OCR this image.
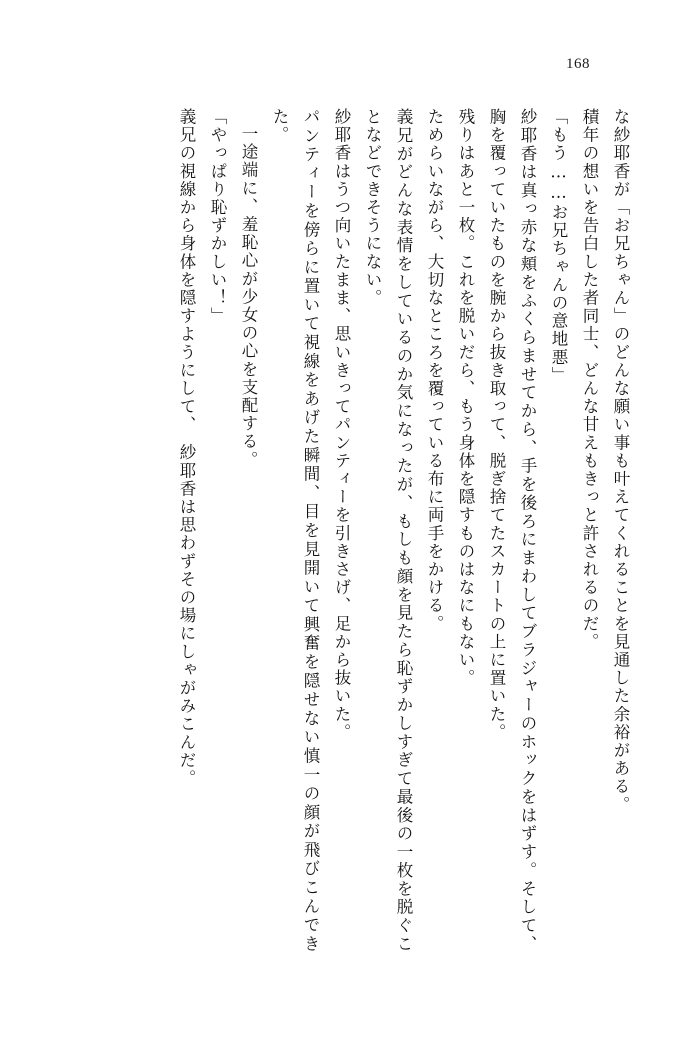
168

な紗耶香が「お兄ちゃん」のどんな願い事も叶えてくれることを見通した余裕がある。

積年の想いを告白した者同士、どんな甘えもきっと許されるのだ。

「もう……お兄ちゃんの意地悪」

紗耶香は真っ赤な頬をふくらませてから、手を後ろにまわしてブラジャーのホックをはずす。そして、胸を覆っていたものを腕から抜き取って、脱ぎ捨てたスカートの上に置いた。

残りはあと一枚。これを脱いだら、もう身体を隠すものはなにもない。

ためらいながら、大切なところを覆っている布に両手をかける。

義兄がどんな表情をしているのか気になったが、もしも顔を見たら恥ずかしすぎて最後の一枚を脱ぐことなどできそうにない。

紗耶香はうつ向いたまま、思いきってパンティーを引きさげ、足から抜いた。

パンティーを傍らに置いて視線をあげた瞬間、目を見開いて興奮を隠せない慎一の顔が飛びこんできた。

一途端に、羞恥心が少女の心を支配する。

「やっぱり恥ずかしい！」

義兄の視線から身体を隠すようにして、　紗耶香は思わずその場にしゃがみこんだ。
